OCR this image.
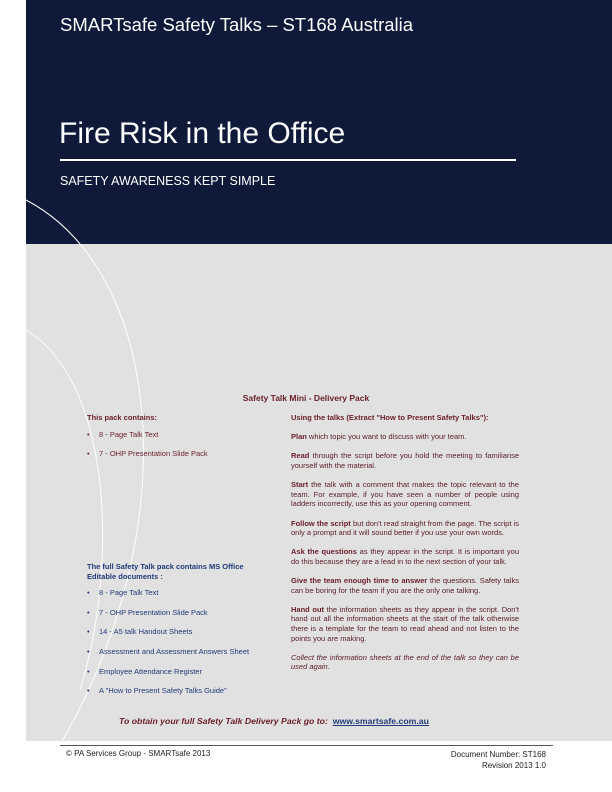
SMARTsafe Safety Talks – ST168 Australia
Fire Risk in the Office
SAFETY AWARENESS KEPT SIMPLE
Safety Talk Mini - Delivery Pack
This pack contains:
• 8 - Page Talk Text
• 7 - OHP Presentation Slide Pack
The full Safety Talk pack contains MS Office
Editable documents :
• 8 - Page Talk Text
• 7 - OHP Presentation Slide Pack
• 14 - A5 talk Handout Sheets
• Assessment and Assessment Answers Sheet
• Employee Attendance Register
• A "How to Present Safety Talks Guide"

Using the talks (Extract "How to Present Safety Talks"):

Plan which topic you want to discuss with your team.

Read through the script before you hold the meeting to familiarise yourself with the material.

Start the talk with a comment that makes the topic relevant to the team. For example, if you have seen a number of people using ladders incorrectly, use this as your opening comment.

Follow the script but don't read straight from the page. The script is only a prompt and it will sound better if you use your own words.

Ask the questions as they appear in the script. It is important you do this because they are a lead in to the next section of your talk.

Give the team enough time to answer the questions. Safety talks can be boring for the team if you are the only one talking.

Hand out the information sheets as they appear in the script. Don't hand out all the information sheets at the start of the talk otherwise there is a template for the team to read ahead and not listen to the points you are making.

Collect the information sheets at the end of the talk so they can be used again.

To obtain your full Safety Talk Delivery Pack go to: www.smartsafe.com.au
© PA Services Group - SMARTsafe 2013	Document Number: ST168
Revision 2013 1.0
